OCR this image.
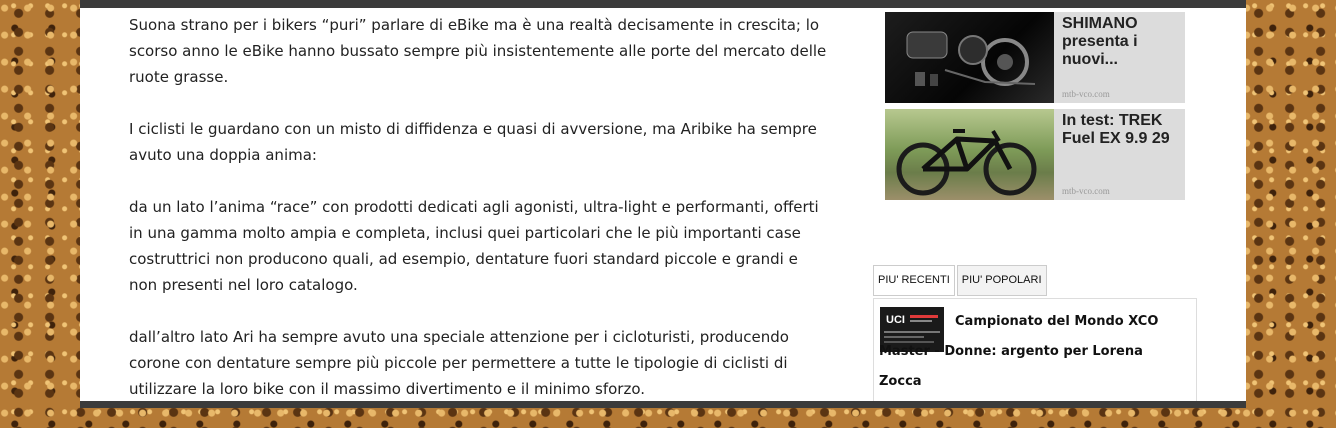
Suona strano per i bikers “puri” parlare di eBike ma è una realtà decisamente in crescita; lo scorso anno le eBike hanno bussato sempre più insistentemente alle porte del mercato delle ruote grasse.

I ciclisti le guardano con un misto di diffidenza e quasi di avversione, ma Aribike ha sempre avuto una doppia anima:

da un lato l’anima “race” con prodotti dedicati agli agonisti, ultra-light e performanti, offerti in una gamma molto ampia e completa, inclusi quei particolari che le più importanti case costruttrici non producono quali, ad esempio, dentature fuori standard piccole e grandi e non presenti nel loro catalogo.

dall’altro lato Ari ha sempre avuto una speciale attenzione per i cicloturisti, producendo corone con dentature sempre più piccole per permettere a tutte le tipologie di ciclisti di utilizzare la loro bike con il massimo divertimento e il minimo sforzo.

SHIMANO presenta i nuovi...
mtb-vco.com
In test: TREK Fuel EX 9.9 29
mtb-vco.com
PIU' RECENTI	PIU' POPOLARI
UCI	Campionato del Mondo XCO Master - Donne: argento per Lorena Zocca
